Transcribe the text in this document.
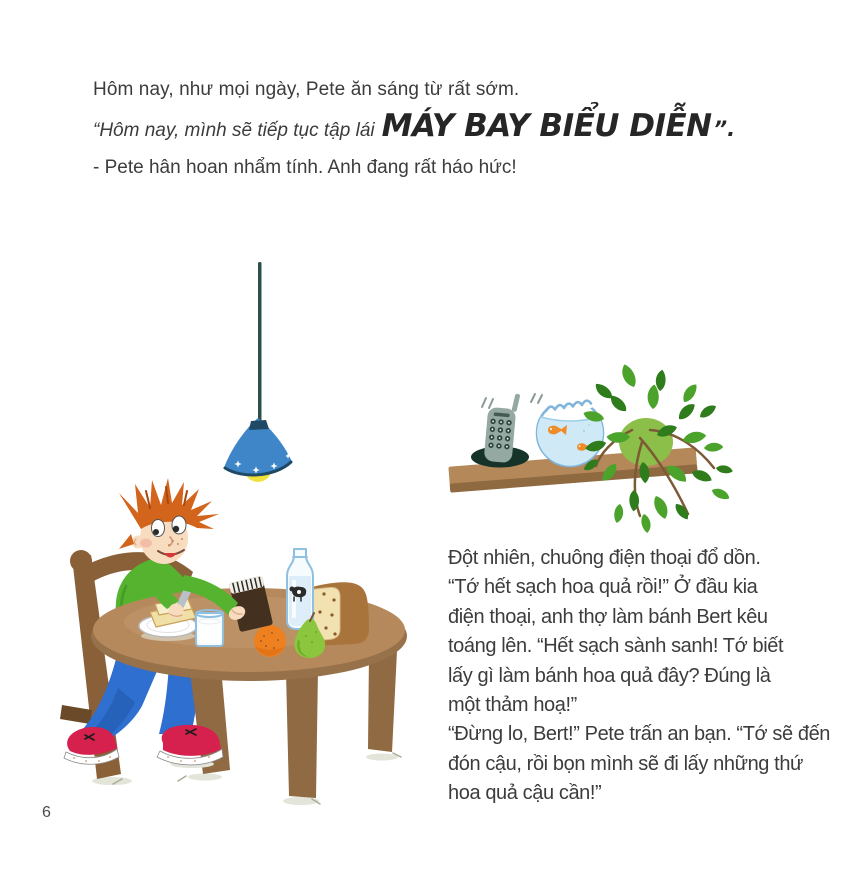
Hôm nay, như mọi ngày, Pete ăn sáng từ rất sớm.
“Hôm nay, mình sẽ tiếp tục tập lái MÁY BAY BIỂU DIỄN ”.
- Pete hân hoan nhẩm tính. Anh đang rất háo hức!
Đột nhiên, chuông điện thoại đổ dồn.
“Tớ hết sạch hoa quả rồi!” Ở đầu kia
điện thoại, anh thợ làm bánh Bert kêu
toáng lên. “Hết sạch sành sanh! Tớ biết
lấy gì làm bánh hoa quả đây? Đúng là
một thảm hoạ!”
“Đừng lo, Bert!” Pete trấn an bạn. “Tớ sẽ đến
đón cậu, rồi bọn mình sẽ đi lấy những thứ
hoa quả cậu cần!”
6
